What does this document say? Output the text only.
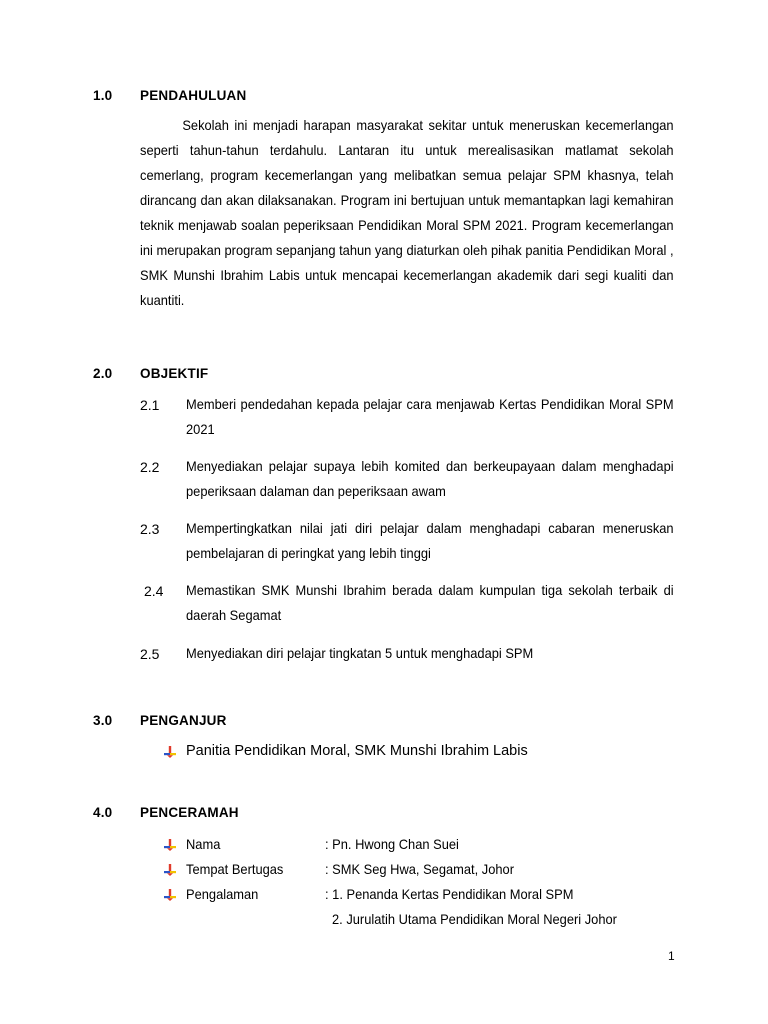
1.0 PENDAHULUAN

Sekolah ini menjadi harapan masyarakat sekitar untuk meneruskan kecemerlangan seperti tahun-tahun terdahulu. Lantaran itu untuk merealisasikan matlamat sekolah cemerlang, program kecemerlangan yang melibatkan semua pelajar SPM khasnya, telah dirancang dan akan dilaksanakan. Program ini bertujuan untuk memantapkan lagi kemahiran teknik menjawab soalan peperiksaan Pendidikan Moral SPM 2021. Program kecemerlangan ini merupakan program sepanjang tahun yang diaturkan oleh pihak panitia Pendidikan Moral , SMK Munshi Ibrahim Labis untuk mencapai kecemerlangan akademik dari segi kualiti dan kuantiti.

2.0 OBJEKTIF
2.1 Memberi pendedahan kepada pelajar cara menjawab Kertas Pendidikan Moral SPM 2021

2.2 Menyediakan pelajar supaya lebih komited dan berkeupayaan dalam menghadapi peperiksaan dalaman dan peperiksaan awam

2.3 Mempertingkatkan nilai jati diri pelajar dalam menghadapi cabaran meneruskan pembelajaran di peringkat yang lebih tinggi

2.4 Memastikan SMK Munshi Ibrahim berada dalam kumpulan tiga sekolah terbaik di daerah Segamat

2.5 Menyediakan diri pelajar tingkatan 5 untuk menghadapi SPM

3.0 PENGANJUR
Panitia Pendidikan Moral, SMK Munshi Ibrahim Labis
4.0 PENCERAMAH
Nama	: Pn. Hwong Chan Suei
Tempat Bertugas	: SMK Seg Hwa, Segamat, Johor
Pengalaman	: 1. Penanda Kertas Pendidikan Moral SPM
2. Jurulatih Utama Pendidikan Moral Negeri Johor
1
